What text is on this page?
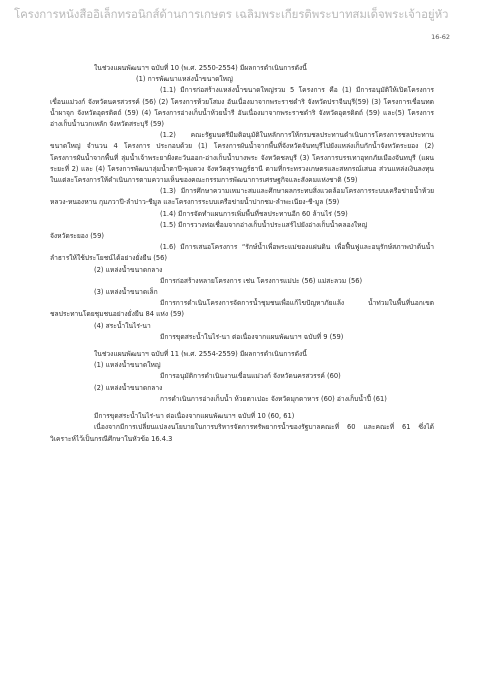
โครงการหนังสืออิเล็กทรอนิกส์ด้านการเกษตร เฉลิมพระเกียรติพระบาทสมเด็จพระเจ้าอยู่หัว
16-62

ในช่วงแผนพัฒนาฯ ฉบับที่ 10 (พ.ศ. 2550-2554) มีผลการดำเนินการดังนี้

(1) การพัฒนาแหล่งน้ำขนาดใหญ่

(1.1) มีการก่อสร้างแหล่งน้ำขนาดใหญ่รวม 5 โครงการ คือ (1) มีการอนุมัติให้เปิดโครงการเขื่อนแม่วงก์ จังหวัดนครสวรรค์ (56) (2) โครงการห้วยโสมง อันเนื่องมาจากพระราชดำริ จังหวัดปราจีนบุรี(59) (3) โครงการเขื่อนทดน้ำผาจุก จังหวัดอุตรดิตถ์ (59) (4) โครงการอ่างเก็บน้ำห้วยน้ำรี อันเนื่องมาจากพระราชดำริ จังหวัดอุตรดิตถ์ (59) และ(5) โครงการอ่างเก็บน้ำนวกเหลัก จังหวัดสระบุรี (59)

(1.2) คณะรัฐมนตรีมีมติอนุมัติในหลักการให้กรมชลประทานดำเนินการโครงการชลประทานขนาดใหญ่ จำนวน 4 โครงการ ประกอบด้วย (1) โครงการผันน้ำจากพื้นที่จังหวัดจันทบุรีไปยังแหล่งเก็บกักน้ำจังหวัดระยอง (2) โครงการผันน้ำจากพื้นที่ ลุ่มน้ำเจ้าพระยาฝั่งตะวันออก-อ่างเก็บน้ำบางพระ จังหวัดชลบุรี (3) โครงการบรรเทาอุทกภัยเมืองจันทบุรี (แผนระยะที่ 2) และ (4) โครงการพัฒนาลุ่มน้ำตาปี-พุมดวง จังหวัดสุราษฎร์ธานี ตามที่กระทรวงเกษตรและสหกรณ์เสนอ ส่วนแหล่งเงินลงทุนในแต่ละโครงการให้ดำเนินการตามความเห็นของคณะกรรมการพัฒนาการเศรษฐกิจและสังคมแห่งชาติ (59)

(1.3) มีการศึกษาความเหมาะสมและศึกษาผลกระทบสิ่งแวดล้อมโครงการระบบเครือข่ายน้ำห้วยหลวง-หนองหาน กุมภวาปี-ลำปาว-ชีมูล และโครงการระบบเครือข่ายน้ำปากชม-ลำพะเนียง-ชี-มูล (59)

(1.4) มีการจัดทำแผนการเพิ่มพื้นที่ชลประทานอีก 60 ล้านไร่ (59)

(1.5) มีการวางท่อเชื่อมจากอ่างเก็บน้ำประแสร์ไปยังอ่างเก็บน้ำคลองใหญ่

จังหวัดระยอง (59)

(1.6) มีการเสนอโครงการ “รักษ์น้ำเพื่อพระแม่ของแผ่นดิน เพื่อฟื้นฟูและอนุรักษ์สภาพป่าต้นน้ำลำธารให้ใช้ประโยชน์ได้อย่างยั่งยืน (56)

(2) แหล่งน้ำขนาดกลาง

มีการก่อสร้างหลายโครงการ เช่น โครงการแม่ปะ (56) แม่สะลวม (56)

(3) แหล่งน้ำขนาดเล็ก

มีการการดำเนินโครงการจัดการน้ำชุมชนเพื่อแก้ไขปัญหาภัยแล้ง น้ำท่วมในพื้นที่นอกเขตชลประทานโดยชุมชนอย่างยั่งยืน 84 แห่ง (59)

(4) สระน้ำในไร่-นา

มีการขุดสระน้ำในไร่-นา ต่อเนื่องจากแผนพัฒนาฯ ฉบับที่ 9 (59)

ในช่วงแผนพัฒนาฯ ฉบับที่ 11 (พ.ศ. 2554-2559) มีผลการดำเนินการดังนี้

(1) แหล่งน้ำขนาดใหญ่

มีการอนุมัติการดำเนินงานเขื่อนแม่วงก์ จังหวัดนครสวรรค์ (60)

(2) แหล่งน้ำขนาดกลาง

การดำเนินการอ่างเก็บน้ำ ห้วยตาเปอะ จังหวัดมุกดาหาร (60) อ่างเก็บน้ำปี้ (61)

มีการขุดสระน้ำในไร่-นา ต่อเนื่องจากแผนพัฒนาฯ ฉบับที่ 10 (60, 61)

เนื่องจากมีการเปลี่ยนแปลงนโยบายในการบริหารจัดการทรัพยากรน้ำของรัฐบาลคณะที่ 60 และคณะที่ 61 ซึ่งได้วิเคราะห์ไว้เป็นกรณีศึกษาในหัวข้อ 16.4.3
